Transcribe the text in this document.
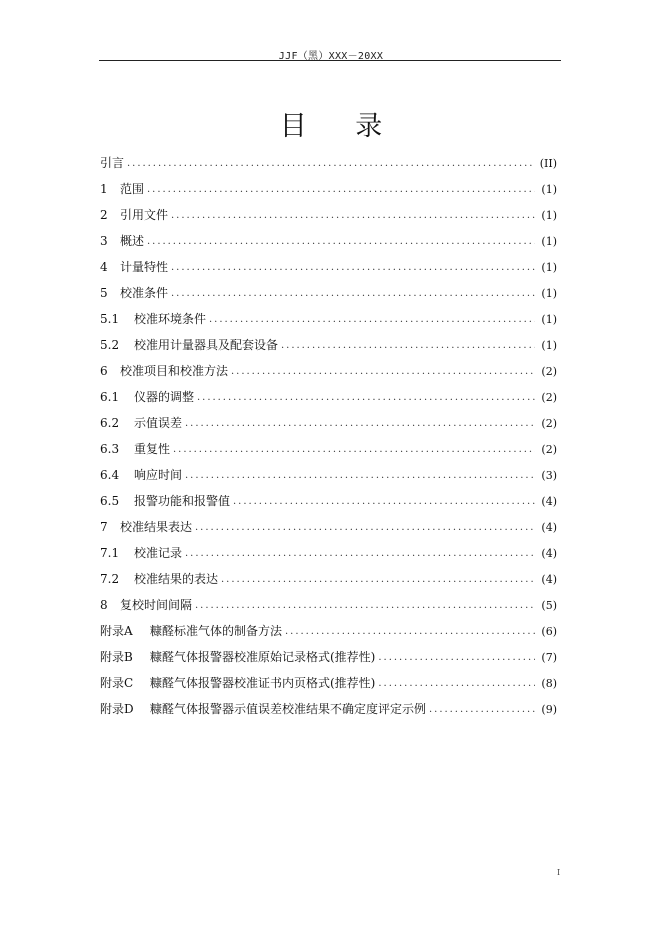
JJF（黑）XXX－20XX
目 录
引言 . . .	(II)
1	范围 . . .	(1)
2	引用文件 . . .	(1)
3	概述 . . .	(1)
4	计量特性 . . .	(1)
5	校准条件 . . .	(1)
5.1	校准环境条件 . . .	(1)
5.2	校准用计量器具及配套设备 . . .	(1)
6	校准项目和校准方法 . . .	(2)
6.1	仪器的调整 . . .	(2)
6.2	示值误差 . . .	(2)
6.3	重复性 . . .	(2)
6.4	响应时间 . . .	(3)
6.5	报警功能和报警值 . . .	(4)
7	校准结果表达 . . .	(4)
7.1	校准记录 . . .	(4)
7.2	校准结果的表达 . . .	(4)
8	复校时间间隔 . . .	(5)
附录A	糠醛标准气体的制备方法 . . .	(6)
附录B	糠醛气体报警器校准原始记录格式(推荐性) . . .	(7)
附录C	糠醛气体报警器校准证书内页格式(推荐性) . . .	(8)
附录D	糠醛气体报警器示值误差校准结果不确定度评定示例 . . .	(9)
I
